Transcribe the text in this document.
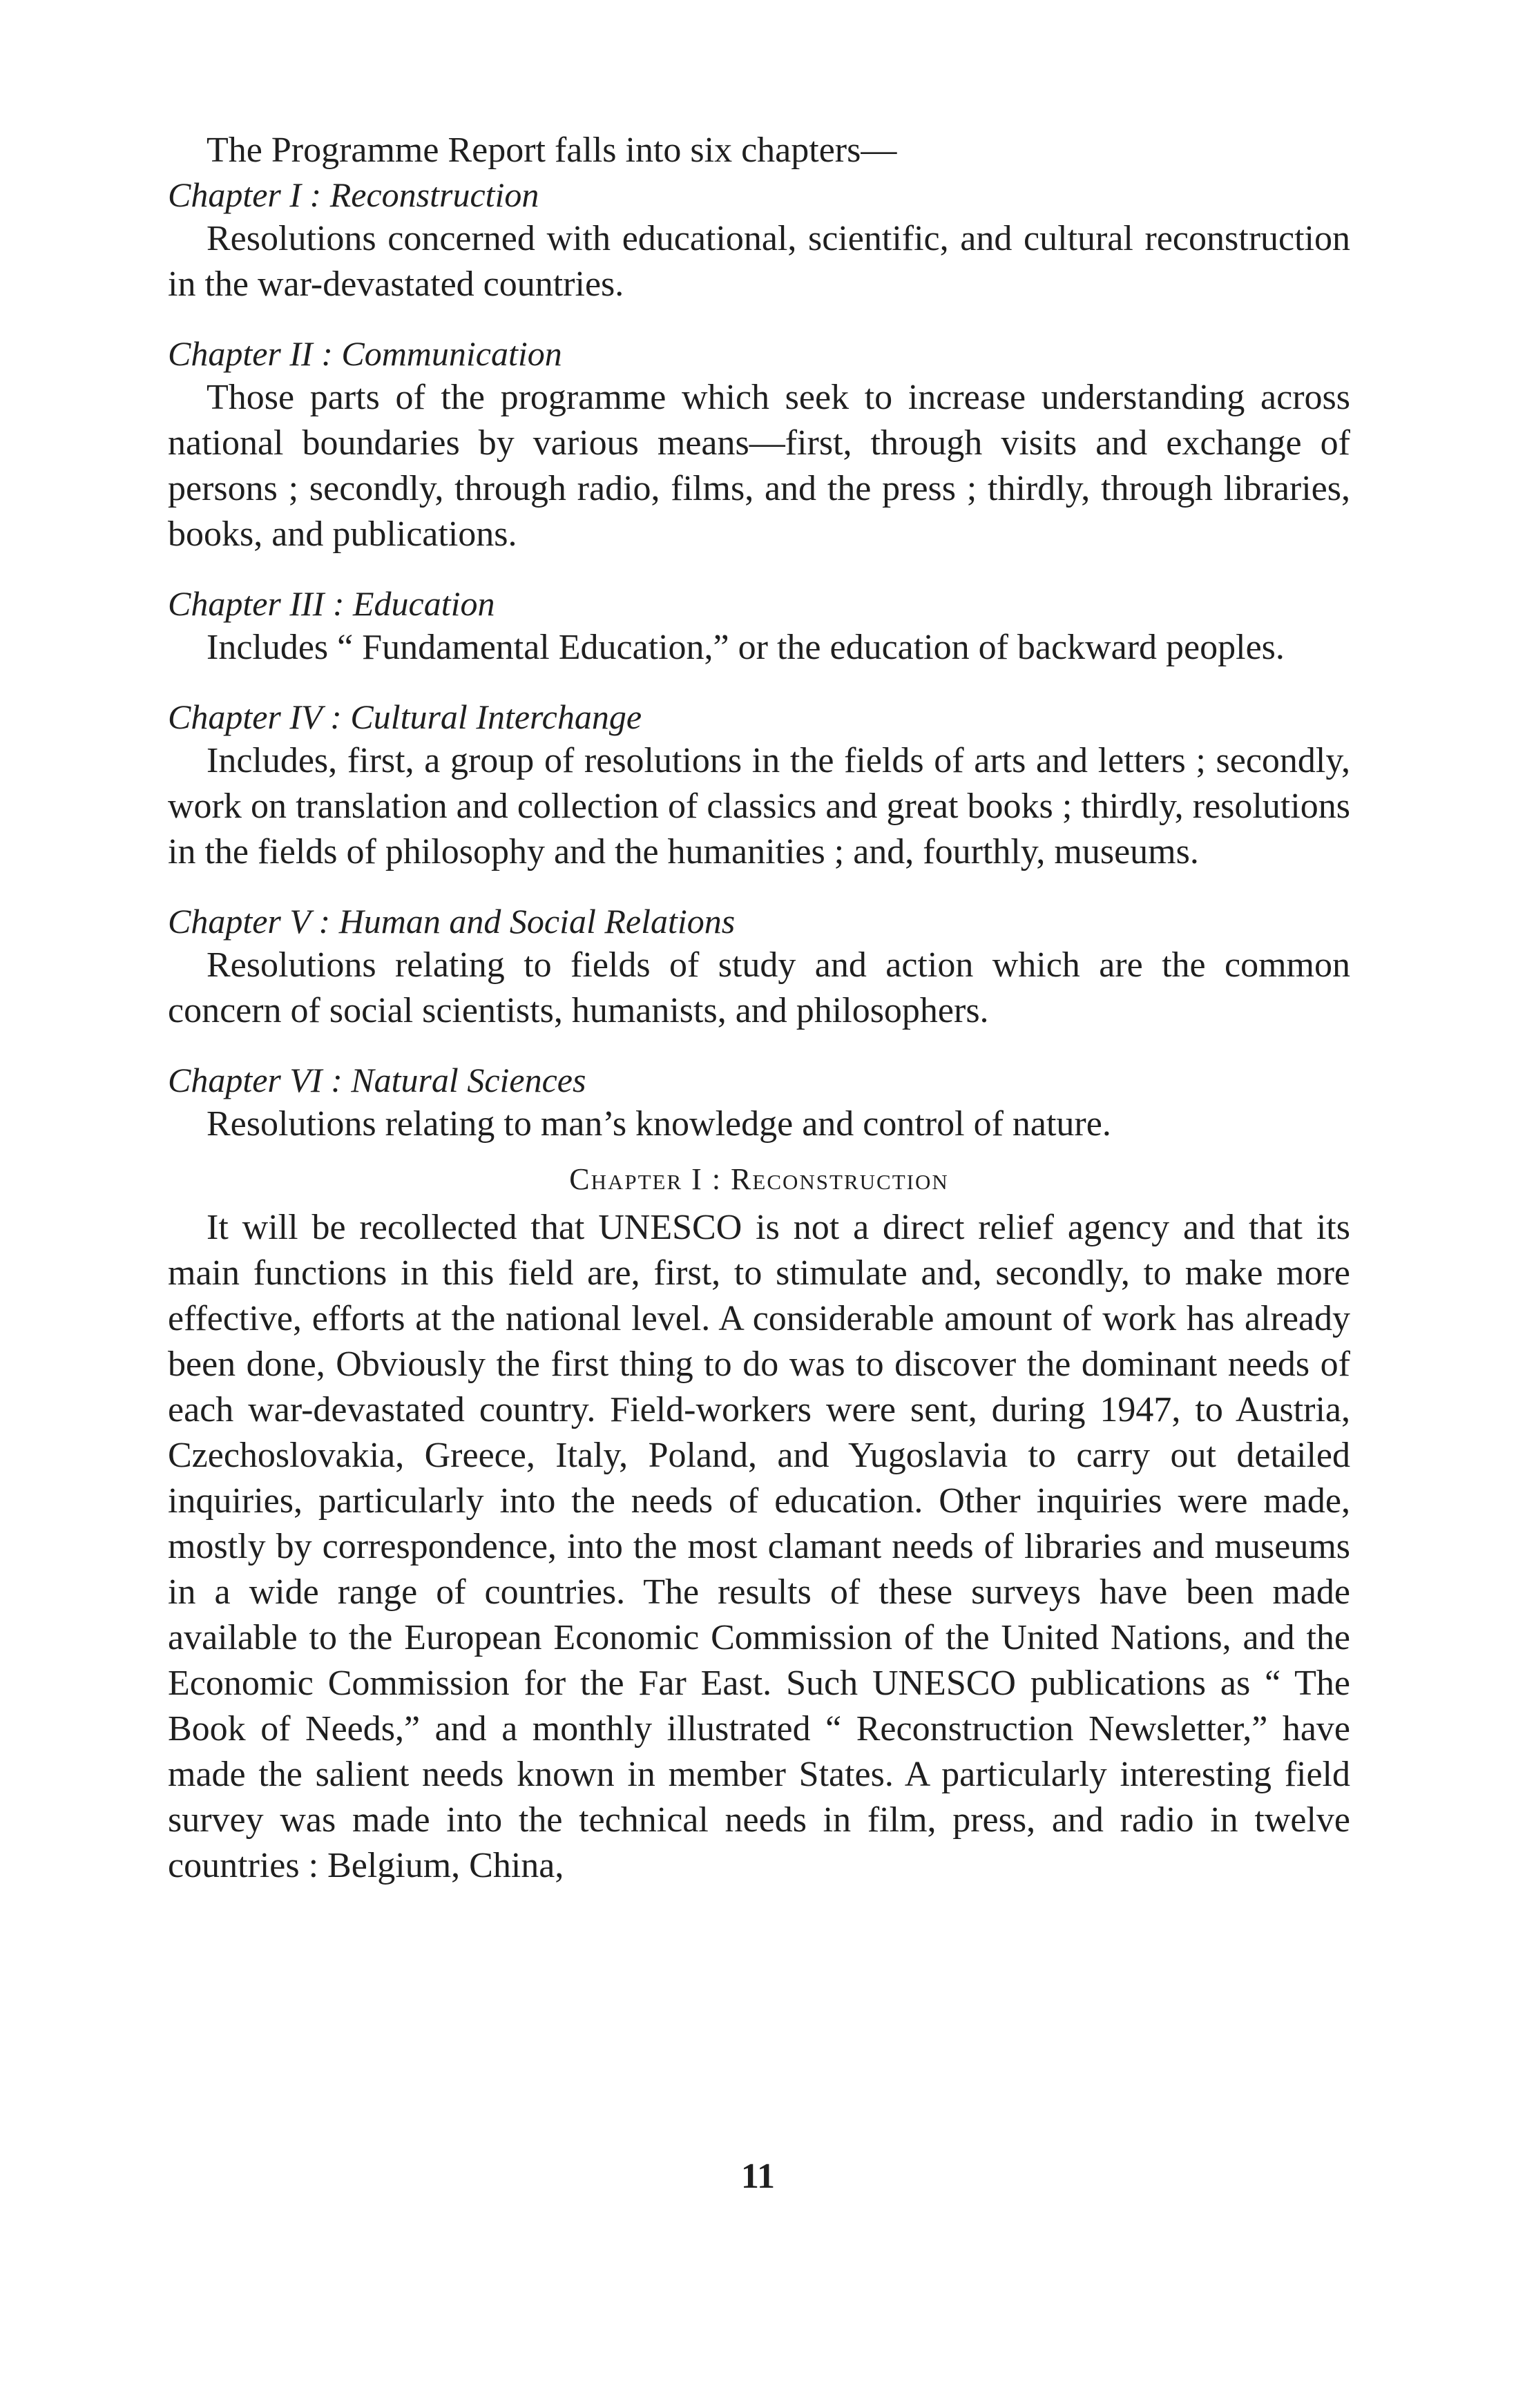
The Programme Report falls into six chapters—

Chapter I : Reconstruction

Resolutions concerned with educational, scientific, and cultural reconstruction in the war-devastated countries.

Chapter II : Communication

Those parts of the programme which seek to increase understanding across national boundaries by various means—first, through visits and exchange of persons ; secondly, through radio, films, and the press ; thirdly, through libraries, books, and publications.

Chapter III : Education

Includes “ Fundamental Education,” or the education of backward peoples.

Chapter IV : Cultural Interchange

Includes, first, a group of resolutions in the fields of arts and letters ; secondly, work on translation and collection of classics and great books ; thirdly, resolutions in the fields of philosophy and the humanities ; and, fourthly, museums.

Chapter V : Human and Social Relations

Resolutions relating to fields of study and action which are the common concern of social scientists, humanists, and philosophers.

Chapter VI : Natural Sciences

Resolutions relating to man’s knowledge and control of nature.

Chapter I : Reconstruction

It will be recollected that UNESCO is not a direct relief agency and that its main functions in this field are, first, to stimulate and, secondly, to make more effective, efforts at the national level. A considerable amount of work has already been done, Obviously the first thing to do was to discover the dominant needs of each war-devastated country. Field-workers were sent, during 1947, to Austria, Czechoslovakia, Greece, Italy, Poland, and Yugoslavia to carry out detailed inquiries, particularly into the needs of education. Other inquiries were made, mostly by correspondence, into the most clamant needs of libraries and museums in a wide range of countries. The results of these surveys have been made available to the European Economic Commission of the United Nations, and the Economic Commission for the Far East. Such UNESCO publications as “ The Book of Needs,” and a monthly illustrated “ Reconstruction Newsletter,” have made the salient needs known in member States. A particularly interesting field survey was made into the technical needs in film, press, and radio in twelve countries : Belgium, China,

11
